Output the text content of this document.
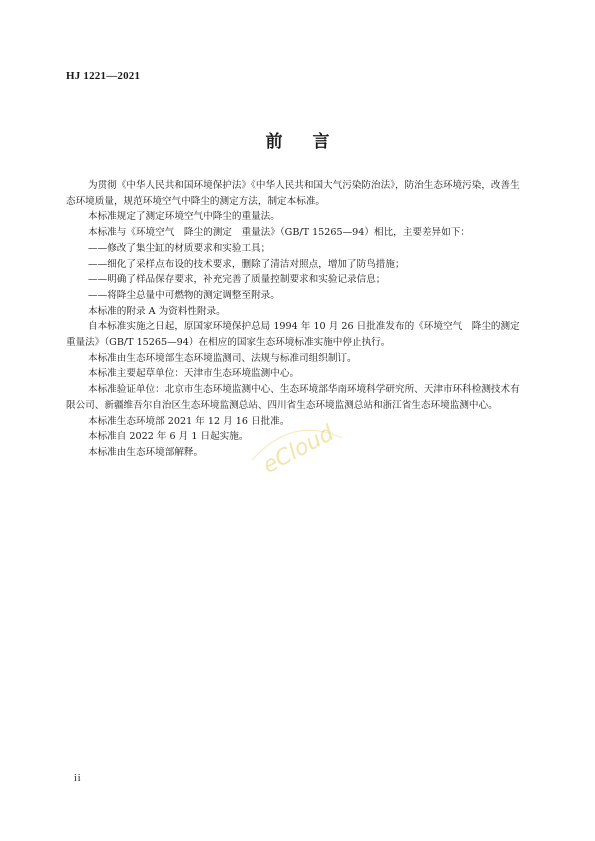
HJ 1221—2021
前言

为贯彻《中华人民共和国环境保护法》《中华人民共和国大气污染防治法》，防治生态环境污染，改善生态环境质量，规范环境空气中降尘的测定方法，制定本标准。

本标准规定了测定环境空气中降尘的重量法。

本标准与《环境空气　降尘的测定　重量法》（GB/T 15265—94）相比，主要差异如下：

——修改了集尘缸的材质要求和实验工具；

——细化了采样点布设的技术要求，删除了清洁对照点，增加了防鸟措施；

——明确了样品保存要求，补充完善了质量控制要求和实验记录信息；

——将降尘总量中可燃物的测定调整至附录。

本标准的附录 A 为资料性附录。

自本标准实施之日起，原国家环境保护总局 1994 年 10 月 26 日批准发布的《环境空气　降尘的测定　重量法》（GB/T 15265—94）在相应的国家生态环境标准实施中停止执行。

本标准由生态环境部生态环境监测司、法规与标准司组织制订。

本标准主要起草单位：天津市生态环境监测中心。

本标准验证单位：北京市生态环境监测中心、生态环境部华南环境科学研究所、天津市环科检测技术有限公司、新疆维吾尔自治区生态环境监测总站、四川省生态环境监测总站和浙江省生态环境监测中心。

本标准生态环境部 2021 年 12 月 16 日批准。

本标准自 2022 年 6 月 1 日起实施。

本标准由生态环境部解释。	eCloud
ii
